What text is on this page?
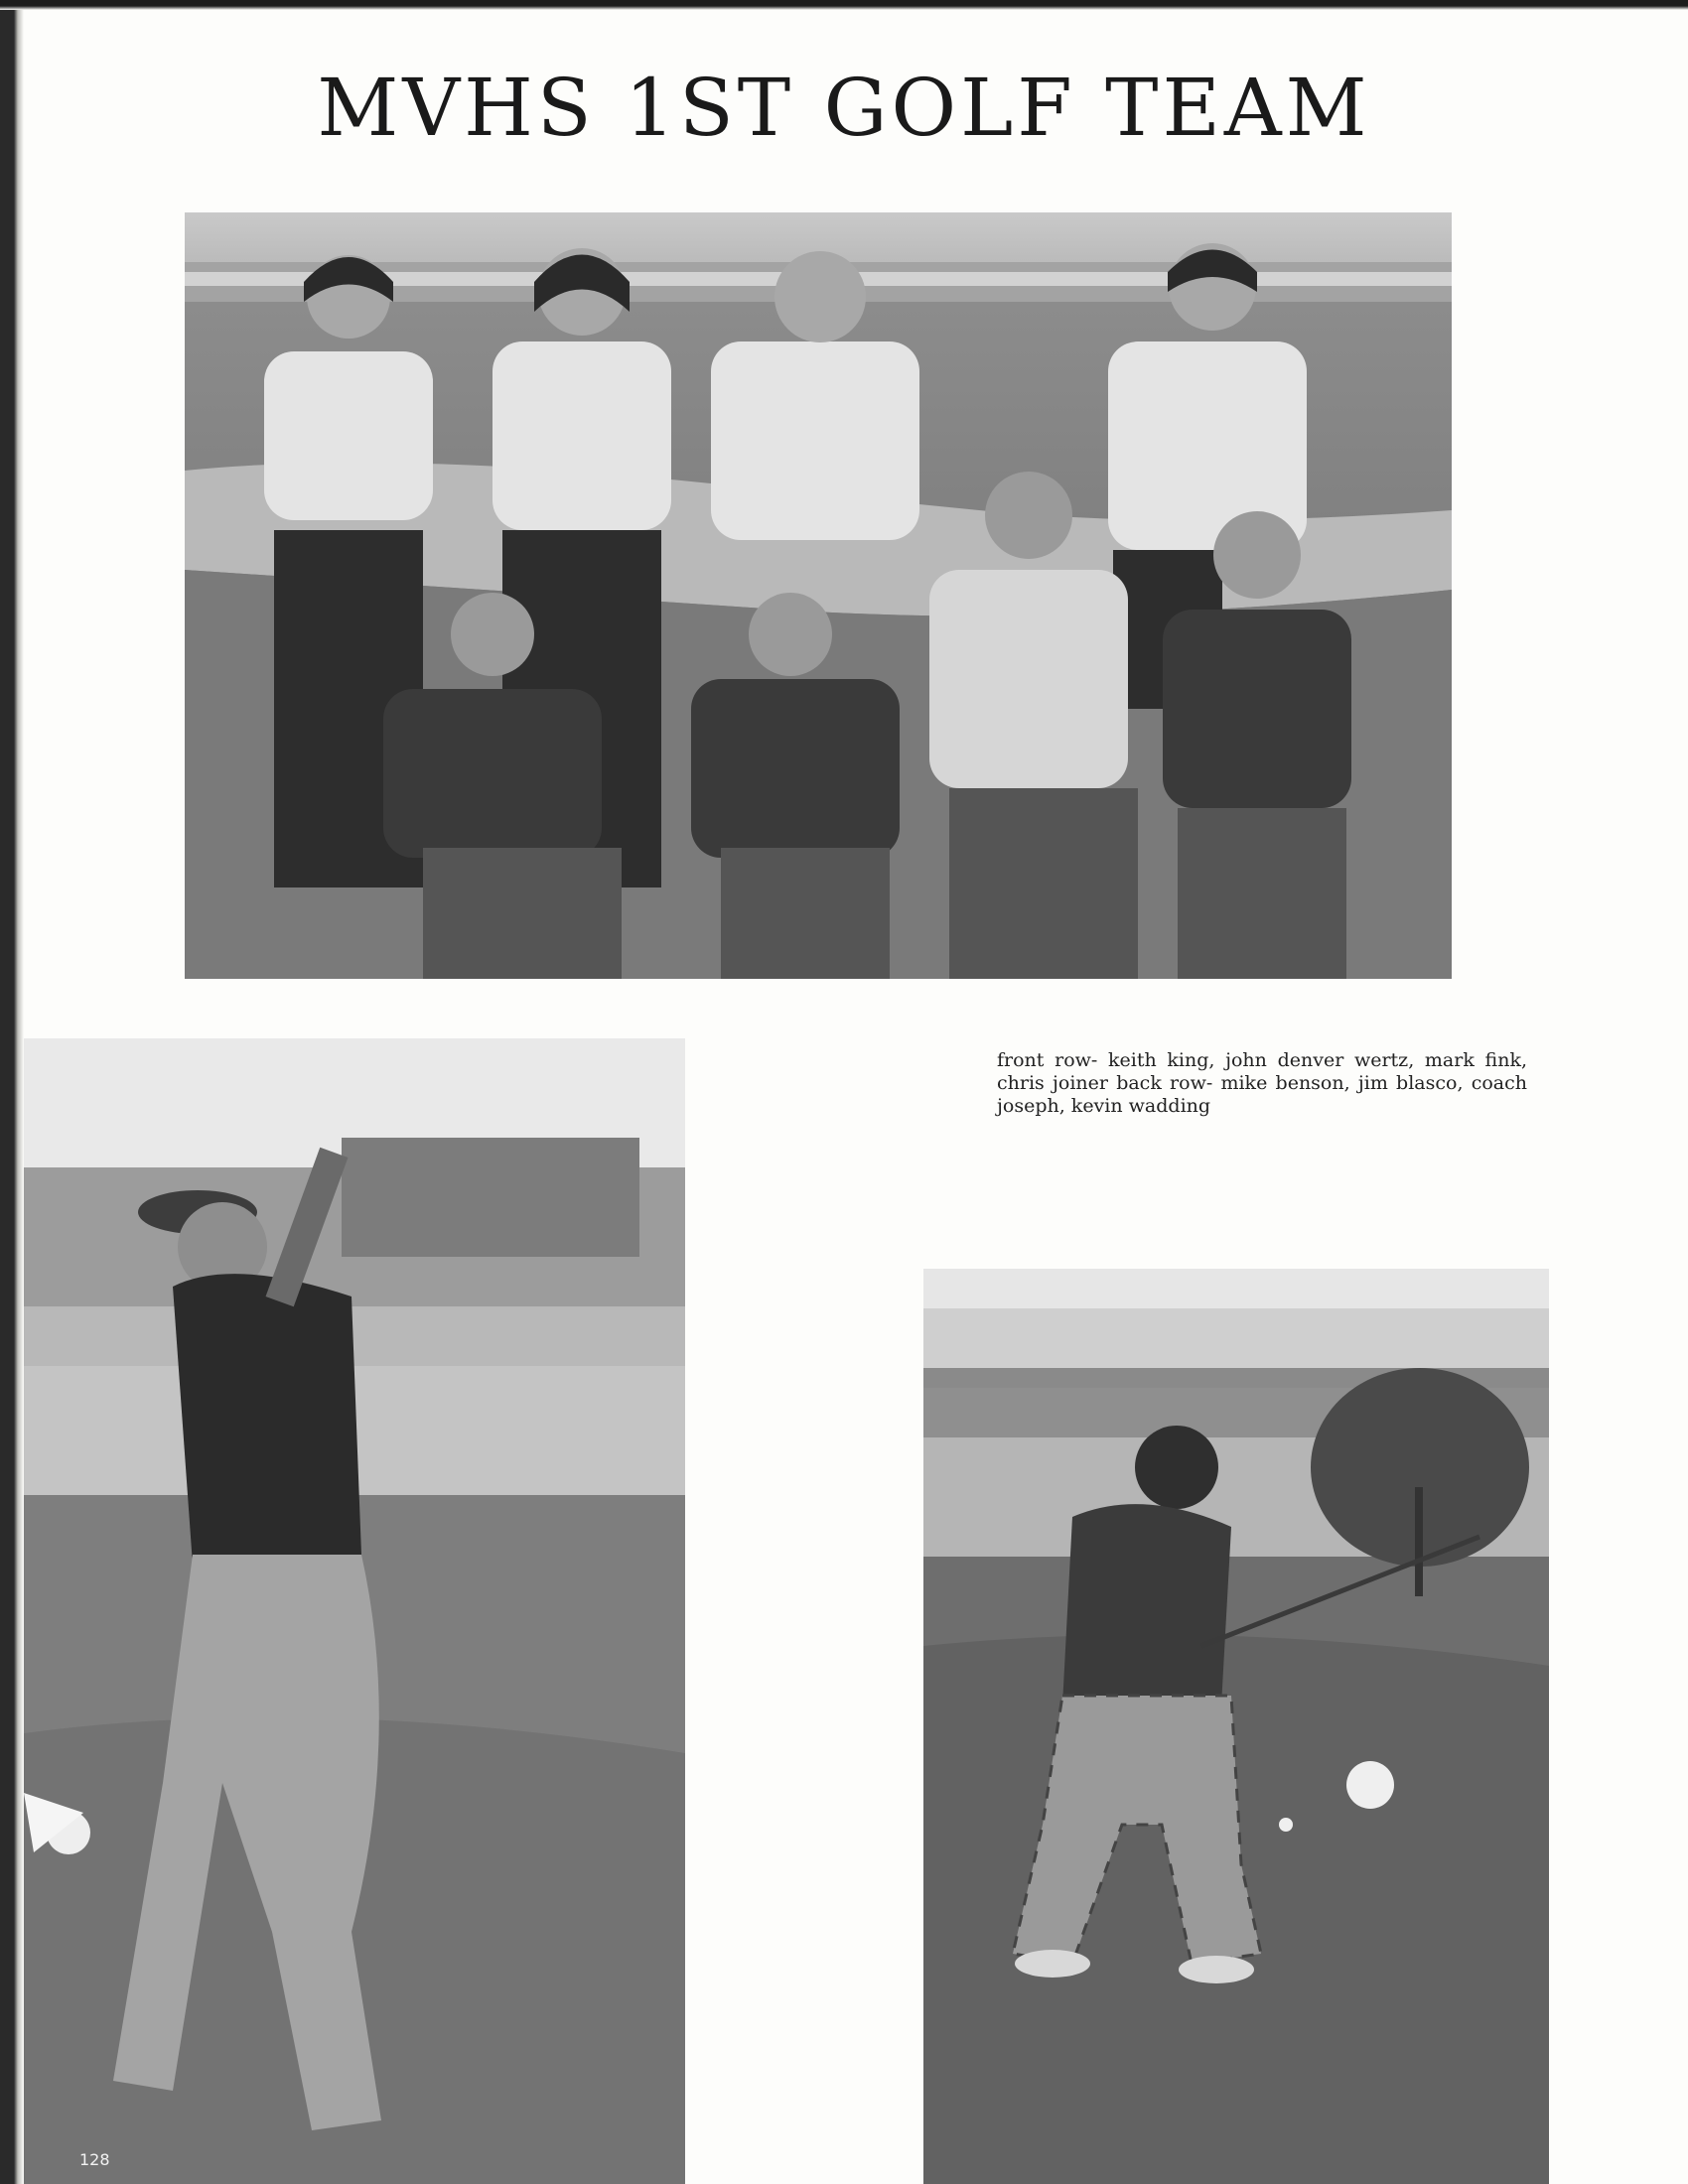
MVHS 1ST GOLF TEAM

front row- keith king, john denver wertz, mark fink, chris joiner back row- mike benson, jim blasco, coach joseph, kevin wadding

128
